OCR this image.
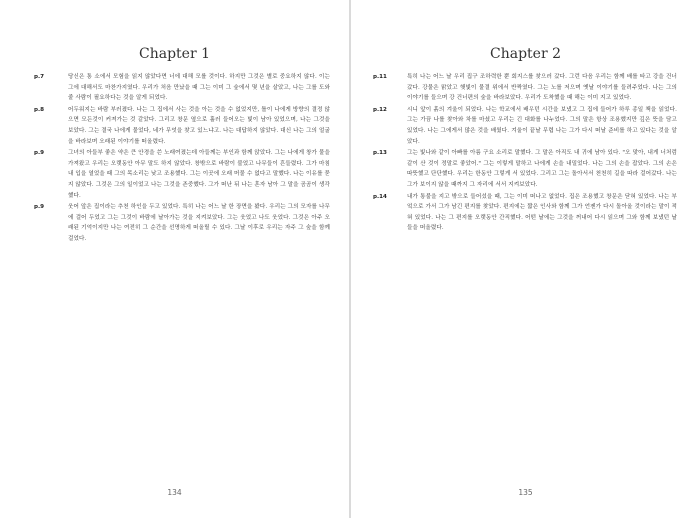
Chapter 1
p.7	당신은 통 소에서 모험을 읽지 않았다면 너에 대해 모를 것이다. 하지만 그것은 별로 중요하지 않다. 이는 그에 대해서도 마찬가지였다. 우리가 처음 만났을 때 그는 이미 그 숲에서 몇 년을 살았고, 나는 그를 도와줄 사람이 필요하다는 것을 알게 되었다.
p.8	어두워지는 바람 부러졌다. 나는 그 집에서 사는 것을 아는 것을 수 없었지만, 틀이 나에게 방향의 결정 않으면 모든것이 커져가는 것 같았다. 그리고 창문 옆으로 흘러 들어오는 빛이 남아 있었으며, 나는 그것을 보았다. 그는 결국 나에게 물었다, 네가 무엇을 찾고 있느냐고. 나는 대답하지 않았다. 대신 나는 그의 얼굴을 바라보며 오래된 이야기를 떠올렸다.
p.9	그녀의 아들부 좋은 약은 큰 안경을 쓴 노래여졌는데 아들께는 부인과 함께 앉았다. 그는 나에게 창가 물을 가져왔고 우리는 오랫동안 아무 말도 하지 않았다. 창밖으로 바람이 불었고 나무들이 흔들렸다. 그가 마침내 입을 열었을 때 그의 목소리는 낮고 조용했다. 그는 이곳에 오래 머물 수 없다고 말했다. 나는 이유를 묻지 않았다. 그것은 그의 일이었고 나는 그것을 존중했다. 그가 떠난 뒤 나는 혼자 남아 그 말을 곰곰이 생각했다.
p.9	웃어 앞은 집이라는 추천 하인을 두고 있었다. 특히 나는 어느 날 한 장면을 봤다. 우리는 그의 모자를 나무에 걸어 두었고 그는 그것이 바람에 날아가는 것을 지켜보았다. 그는 웃었고 나도 웃었다. 그것은 아주 오래된 기억이지만 나는 여전히 그 순간을 선명하게 떠올릴 수 있다. 그날 이후로 우리는 자주 그 숲을 함께 걸었다.
134
Chapter 2
p.11	특히 나는 어느 날 우리 집구 조하력한 뿐 회지스를 찾으러 갔다. 그런 다음 우리는 함께 배를 타고 강을 건너갔다. 강물은 맑았고 햇빛이 물결 위에서 반짝였다. 그는 노를 저으며 옛날 이야기를 들려주었다. 나는 그의 이야기를 들으며 강 건너편의 숲을 바라보았다. 우리가 도착했을 때 해는 이미 지고 있었다.
p.12	시니 앞이 흙의 겨울이 되었다. 나는 학교에서 배우던 시간을 보냈고 그 집에 들어가 하루 종일 책을 읽었다. 그는 가끔 나를 찾아와 차를 마셨고 우리는 긴 대화를 나누었다. 그의 말은 항상 조용했지만 깊은 뜻을 담고 있었다. 나는 그에게서 많은 것을 배웠다. 겨울이 끝날 무렵 나는 그가 다시 떠날 준비를 하고 있다는 것을 알았다.
p.13	그는 빛나와 같이 아빠를 아름 구요 소리로 말했다. 그 말은 아직도 내 귀에 남아 있다. "오 맞아, 내게 너처럼 같이 산 것이 정말로 좋았어." 그는 이렇게 말하고 나에게 손을 내밀었다. 나는 그의 손을 잡았다. 그의 손은 따뜻했고 단단했다. 우리는 한동안 그렇게 서 있었다. 그리고 그는 돌아서서 천천히 길을 따라 걸어갔다. 나는 그가 보이지 않을 때까지 그 자리에 서서 지켜보았다.
p.14	내가 통불을 지고 밖으로 들어섰을 때, 그는 이미 떠나고 없었다. 집은 조용했고 창문은 닫혀 있었다. 나는 부엌으로 가서 그가 남긴 편지를 찾았다. 편지에는 짧은 인사와 함께 그가 언젠가 다시 돌아올 것이라는 말이 적혀 있었다. 나는 그 편지를 오랫동안 간직했다. 어떤 날에는 그것을 꺼내어 다시 읽으며 그와 함께 보냈던 날들을 떠올렸다.
135
